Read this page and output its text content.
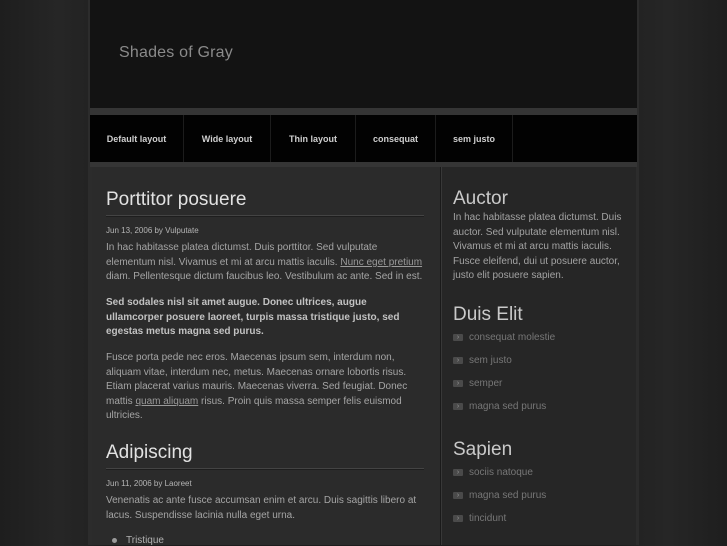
Shades of Gray
Default layout	Wide layout	Thin layout	consequat	sem justo
Porttitor posuere
Jun 13, 2006 by Vulputate

In hac habitasse platea dictumst. Duis porttitor. Sed vulputate elementum nisl. Vivamus et mi at arcu mattis iaculis. Nunc eget pretium diam. Pellentesque dictum faucibus leo. Vestibulum ac ante. Sed in est.

Sed sodales nisl sit amet augue. Donec ultrices, augue ullamcorper posuere laoreet, turpis massa tristique justo, sed egestas metus magna sed purus.

Fusce porta pede nec eros. Maecenas ipsum sem, interdum non, aliquam vitae, interdum nec, metus. Maecenas ornare lobortis risus. Etiam placerat varius mauris. Maecenas viverra. Sed feugiat. Donec mattis quam aliquam risus. Proin quis massa semper felis euismod ultricies.

Adipiscing
Jun 11, 2006 by Laoreet

Venenatis ac ante fusce accumsan enim et arcu. Duis sagittis libero at lacus. Suspendisse lacinia nulla eget urna.

Tristique
Auctor

In hac habitasse platea dictumst. Duis auctor. Sed vulputate elementum nisl. Vivamus et mi at arcu mattis iaculis. Fusce eleifend, dui ut posuere auctor, justo elit posuere sapien.

Duis Elit
› consequat molestie
› sem justo
› semper
› magna sed purus
Sapien
› sociis natoque
› magna sed purus
› tincidunt
